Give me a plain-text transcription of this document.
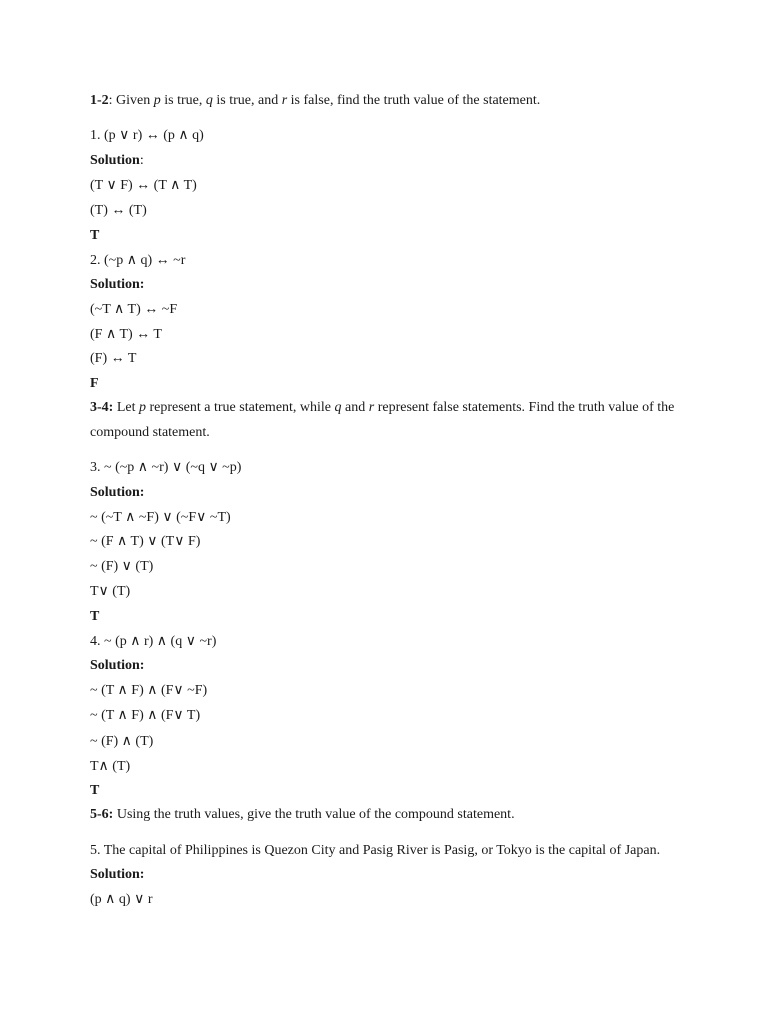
1-2: Given p is true, q is true, and r is false, find the truth value of the statement.
1. (p ∨ r) ↔ (p ∧ q)
Solution:
(T ∨ F) ↔ (T ∧ T)
(T) ↔ (T)
T
2. (~p ∧ q) ↔ ~r
Solution:
(~T ∧ T) ↔ ~F
(F ∧ T) ↔ T
(F) ↔ T
F
3-4: Let p represent a true statement, while q and r represent false statements. Find the truth value of the
compound statement.
3. ~ (~p ∧ ~r) ∨ (~q ∨ ~p)
Solution:
~ (~T ∧ ~F) ∨ (~F∨ ~T)
~ (F ∧ T) ∨ (T∨ F)
~ (F) ∨ (T)
T∨ (T)
T
4. ~ (p ∧ r) ∧ (q ∨ ~r)
Solution:
~ (T ∧ F) ∧ (F∨ ~F)
~ (T ∧ F) ∧ (F∨ T)
~ (F) ∧ (T)
T∧ (T)
T
5-6: Using the truth values, give the truth value of the compound statement.
5. The capital of Philippines is Quezon City and Pasig River is Pasig, or Tokyo is the capital of Japan.
Solution:
(p ∧ q) ∨ r
